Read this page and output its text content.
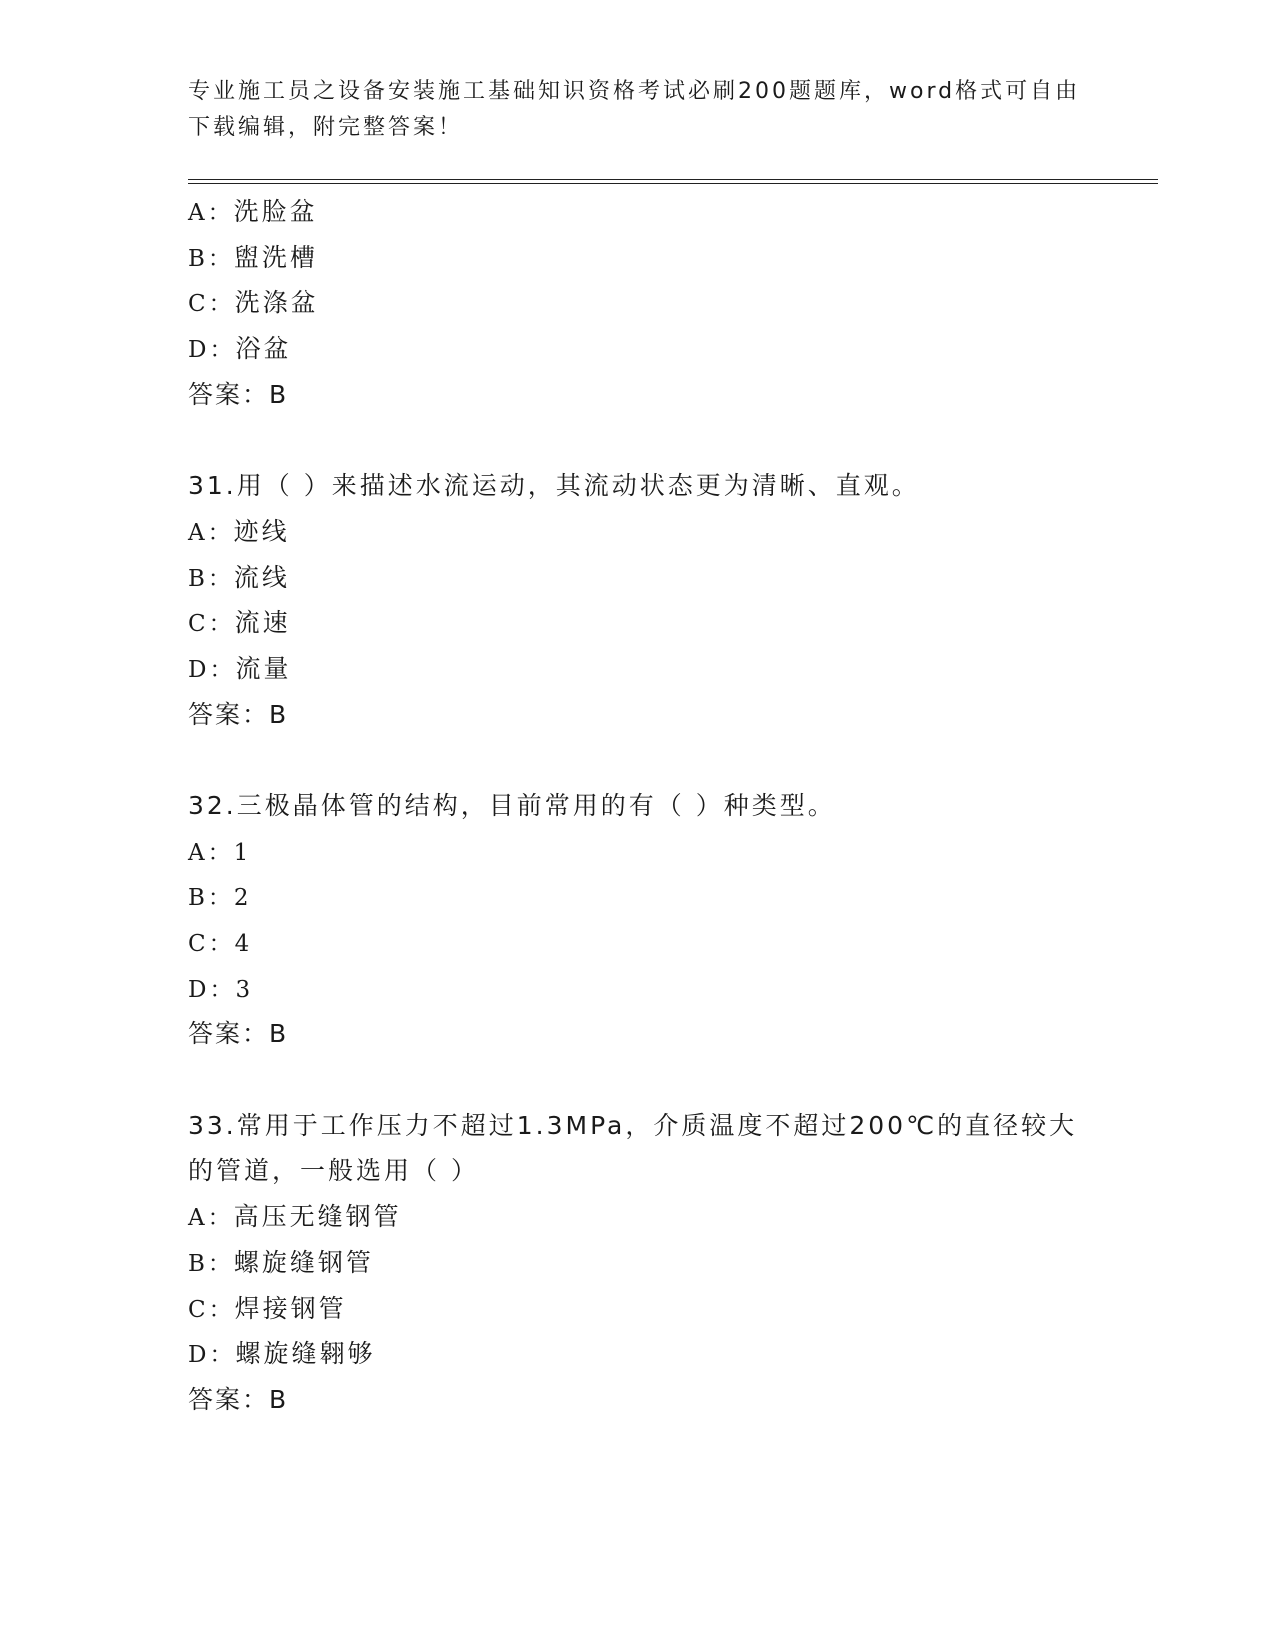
专业施工员之设备安装施工基础知识资格考试必刷200题题库，word格式可自由
下载编辑，附完整答案！
A：洗脸盆
B：盥洗槽
C：洗涤盆
D：浴盆
答案：B
31.用（ ）来描述水流运动，其流动状态更为清晰、直观。
A：迹线
B：流线
C：流速
D：流量
答案：B
32.三极晶体管的结构，目前常用的有（ ）种类型。
A：1
B：2
C：4
D：3
答案：B
33.常用于工作压力不超过1.3MPa，介质温度不超过200℃的直径较大
的管道，一般选用（ ）
A：高压无缝钢管
B：螺旋缝钢管
C：焊接钢管
D：螺旋缝翱够
答案：B
